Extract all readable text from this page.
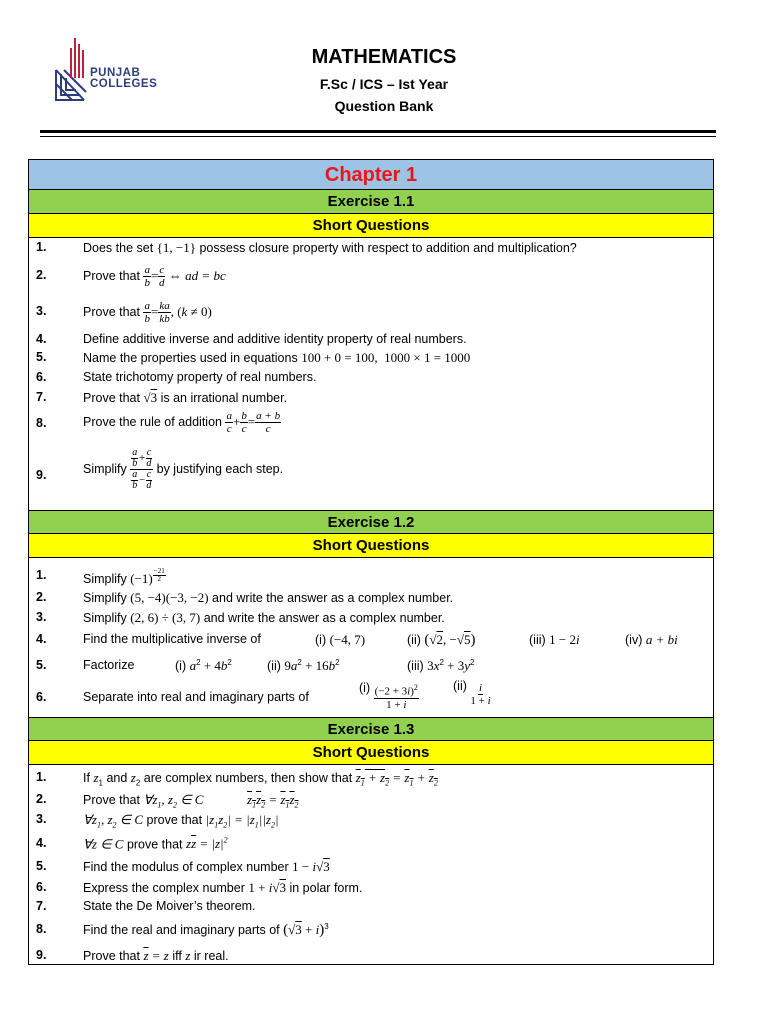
PUNJAB
COLLEGES
MATHEMATICS
F.Sc / ICS – Ist Year
Question Bank
Chapter 1
Exercise 1.1
Short Questions
1.	Does the set {1, −1} possess closure property with respect to addition and multiplication?
2.	Prove that $\frac{a}{b} = \frac{c}{d}$ ⇔ ad = bc
3.	Prove that $\frac{a}{b} = \frac{ka}{kb}$ , (k ≠ 0)
4.	Define additive inverse and additive identity property of real numbers.
5.	Name the properties used in equations 100 + 0 = 100,  1000 × 1 = 1000
6.	State trichotomy property of real numbers.
7.	Prove that √3 is an irrational number.
8.	Prove the rule of addition $\frac{a}{c} + \frac{b}{c} = \frac{a + b}{c}$
9.	Simplify $\frac{\frac{a}{b} + \frac{c}{d}}{\frac{a}{b} - \frac{c}{d}}$ by justifying each step.
Exercise 1.2
Short Questions
1.	Simplify (−1) $^{\frac{-21}{2}}$
2.	Simplify (5, −4)(−3, −2) and write the answer as a complex number.
3.	Simplify (2, 6) ÷ (3, 7) and write the answer as a complex number.
4.	Find the multiplicative inverse of	(i) (−4, 7)	(ii) (√2, −√5)	(iii) 1 − 2i	(iv) a + bi
5.	Factorize	(i) $a^2 + 4b^2$	(ii) $9a^2 + 16b^2$	(iii) $3x^2 + 3y^2$
6.	Separate into real and imaginary parts of
$(i) \frac{(-2 + 3i)^2}{1 + i}$	$(ii) \frac{i}{1 + i}$
Exercise 1.3
Short Questions
1.	If $z_1$ and $z_2$ are complex numbers, then show that $z_1 + z_2 = z_1 + z_2$
2.	Prove that $\forall z_1$, $z_2$ ∈ C	$z_1z_2 = z_1z_2$
3.	$\forall z_1$, $z_2$ ∈ C prove that $|z_1z_2| = |z_1||z_2|$
4.	∀z ∈ C prove that $z\overline{z} = |z|^2$
5.	Find the modulus of complex number 1 − i√3
6.	Express the complex number 1 + i√3 in polar form.
7.	State the De Moiver’s theorem.
8.	Find the real and imaginary parts of $(√3 + i)^3$
9.	Prove that $\overline{z} = z$ iff z ir real.
